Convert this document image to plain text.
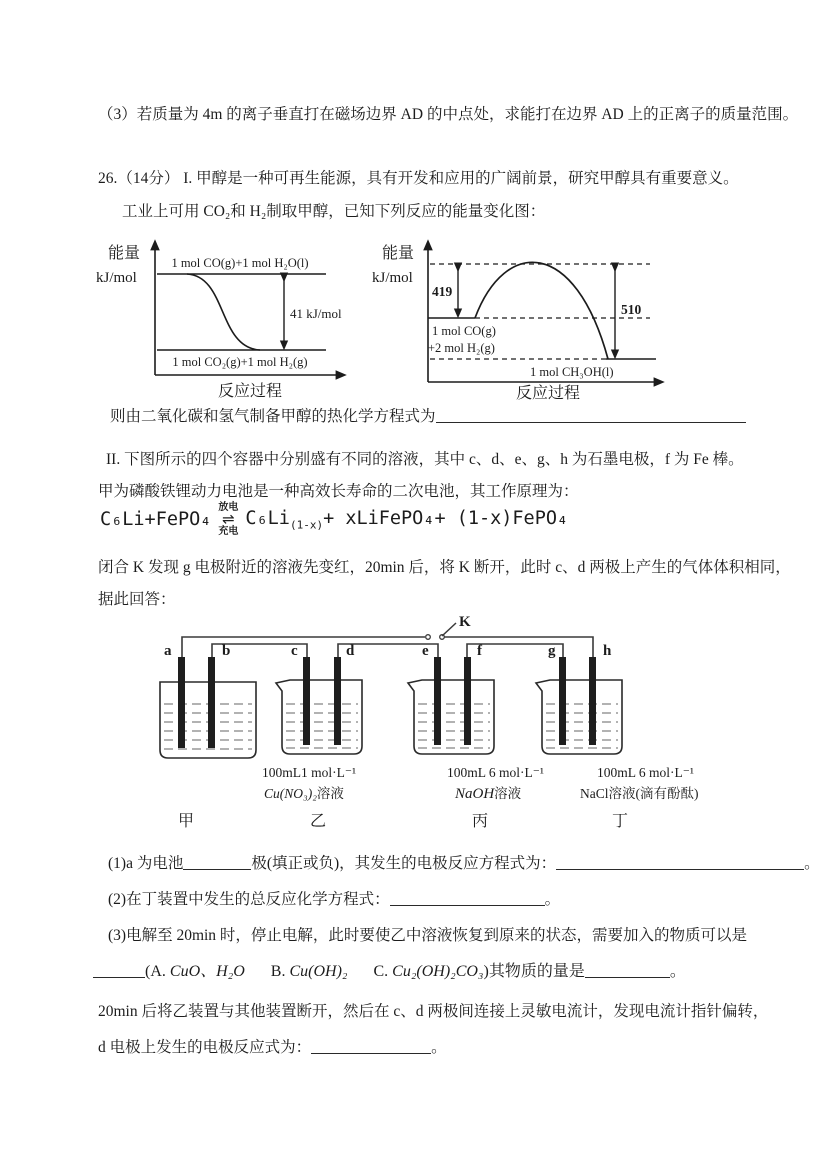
（3）若质量为 4m 的离子垂直打在磁场边界 AD 的中点处，求能打在边界 AD 上的正离子的质量范围。

26.（14分） I. 甲醇是一种可再生能源，具有开发和应用的广阔前景，研究甲醇具有重要意义。

工业上可用 CO₂和 H₂制取甲醇，已知下列反应的能量变化图：

能量
kJ/mol
1 mol CO(g)+1 mol H₂O(l)
1 mol CO₂(g)+1 mol H₂(g)
41 kJ/mol
反应过程
能量
kJ/mol
419
510
1 mol CO(g)
+2 mol H₂(g)
1 mol CH₃OH(l)
反应过程

则由二氧化碳和氢气制备甲醇的热化学方程式为

II. 下图所示的四个容器中分别盛有不同的溶液，其中 c、d、e、g、h 为石墨电极，f 为 Fe 棒。

甲为磷酸铁锂动力电池是一种高效长寿命的二次电池，其工作原理为：

C₆Li+FePO₄
放电
⇌
充电
$C_6Li_{(1-x)}+$ xLiFePO₄+ (1-x)FePO₄

闭合 K 发现 g 电极附近的溶液先变红，20min 后，将 K 断开，此时 c、d 两极上产生的气体体积相同，

据此回答：

K
a	b	c	d	e	f	g	h
100mL1 mol·L⁻¹	100mL 6 mol·L⁻¹	100mL 6 mol·L⁻¹
Cu(NO₃)₂溶液	NaOH溶液	NaCl溶液(滴有酚酞)
甲	乙	丙	丁

(1)a 为电池	极(填正或负)，其发生的电极反应方程式为：	。

(2)在丁装置中发生的总反应化学方程式：	。

(3)电解至 20min 时，停止电解，此时要使乙中溶液恢复到原来的状态，需要加入的物质可以是

(A. CuO、H₂O B. Cu(OH)₂ C. Cu₂(OH)₂CO₃)其物质的量是	。

20min 后将乙装置与其他装置断开，然后在 c、d 两极间连接上灵敏电流计，发现电流计指针偏转，

d 电极上发生的电极反应式为：	。
